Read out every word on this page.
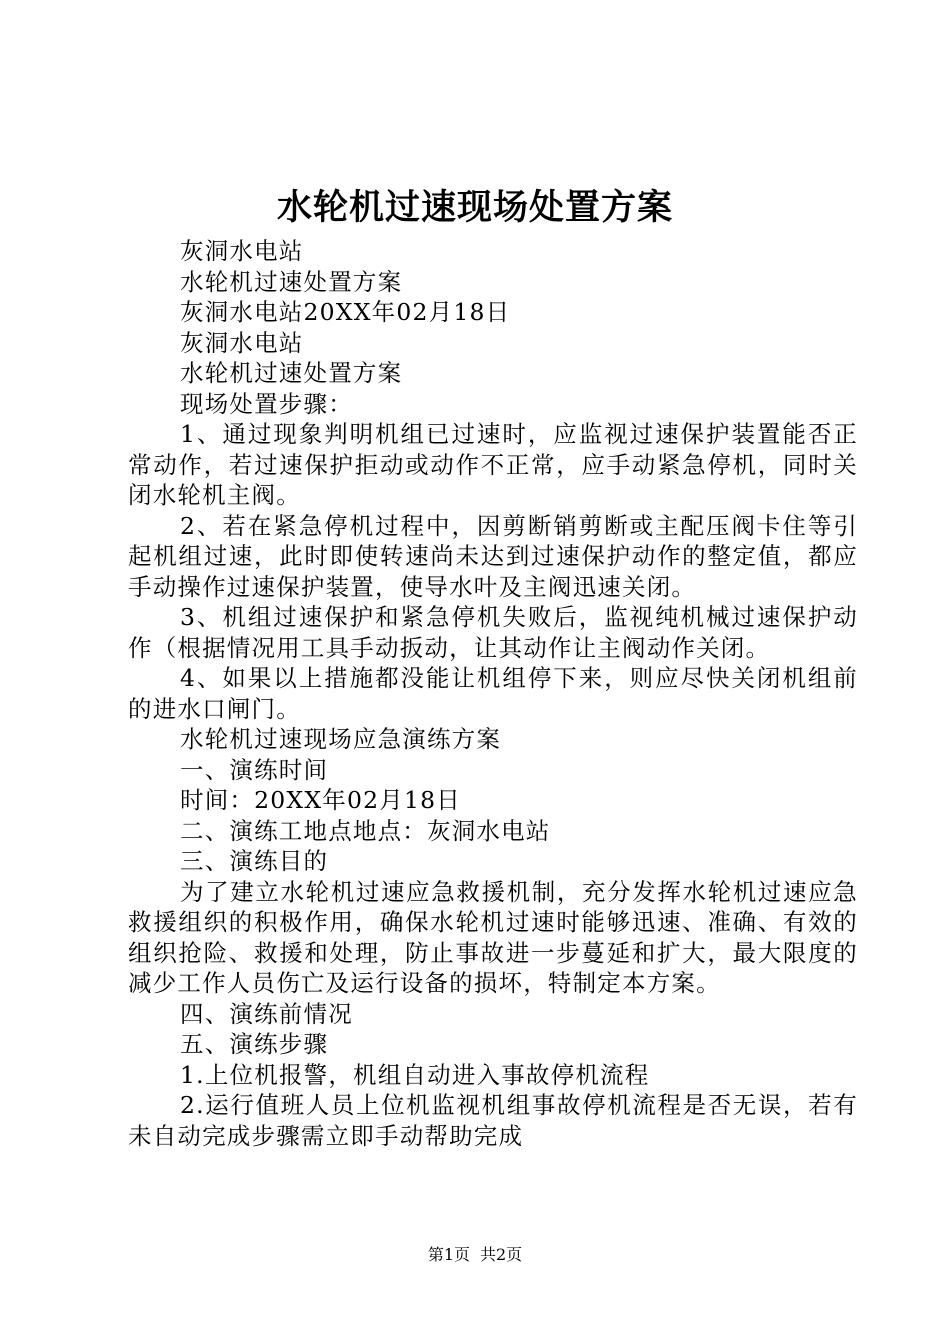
水轮机过速现场处置方案

灰洞水电站

水轮机过速处置方案

灰洞水电站20XX年02月18日

灰洞水电站

水轮机过速处置方案

现场处置步骤：

1、通过现象判明机组已过速时，应监视过速保护装置能否正常动作，若过速保护拒动或动作不正常，应手动紧急停机，同时关闭水轮机主阀。

2、若在紧急停机过程中，因剪断销剪断或主配压阀卡住等引起机组过速，此时即使转速尚未达到过速保护动作的整定值，都应手动操作过速保护装置，使导水叶及主阀迅速关闭。

3、机组过速保护和紧急停机失败后，监视纯机械过速保护动作（根据情况用工具手动扳动，让其动作让主阀动作关闭。

4、如果以上措施都没能让机组停下来，则应尽快关闭机组前的进水口闸门。

水轮机过速现场应急演练方案

一、演练时间

时间：20XX年02月18日

二、演练工地点地点：灰洞水电站

三、演练目的

为了建立水轮机过速应急救援机制，充分发挥水轮机过速应急救援组织的积极作用，确保水轮机过速时能够迅速、准确、有效的组织抢险、救援和处理，防止事故进一步蔓延和扩大，最大限度的减少工作人员伤亡及运行设备的损坏，特制定本方案。

四、演练前情况

五、演练步骤

1.上位机报警，机组自动进入事故停机流程

2.运行值班人员上位机监视机组事故停机流程是否无误，若有未自动完成步骤需立即手动帮助完成

第1页 共2页
